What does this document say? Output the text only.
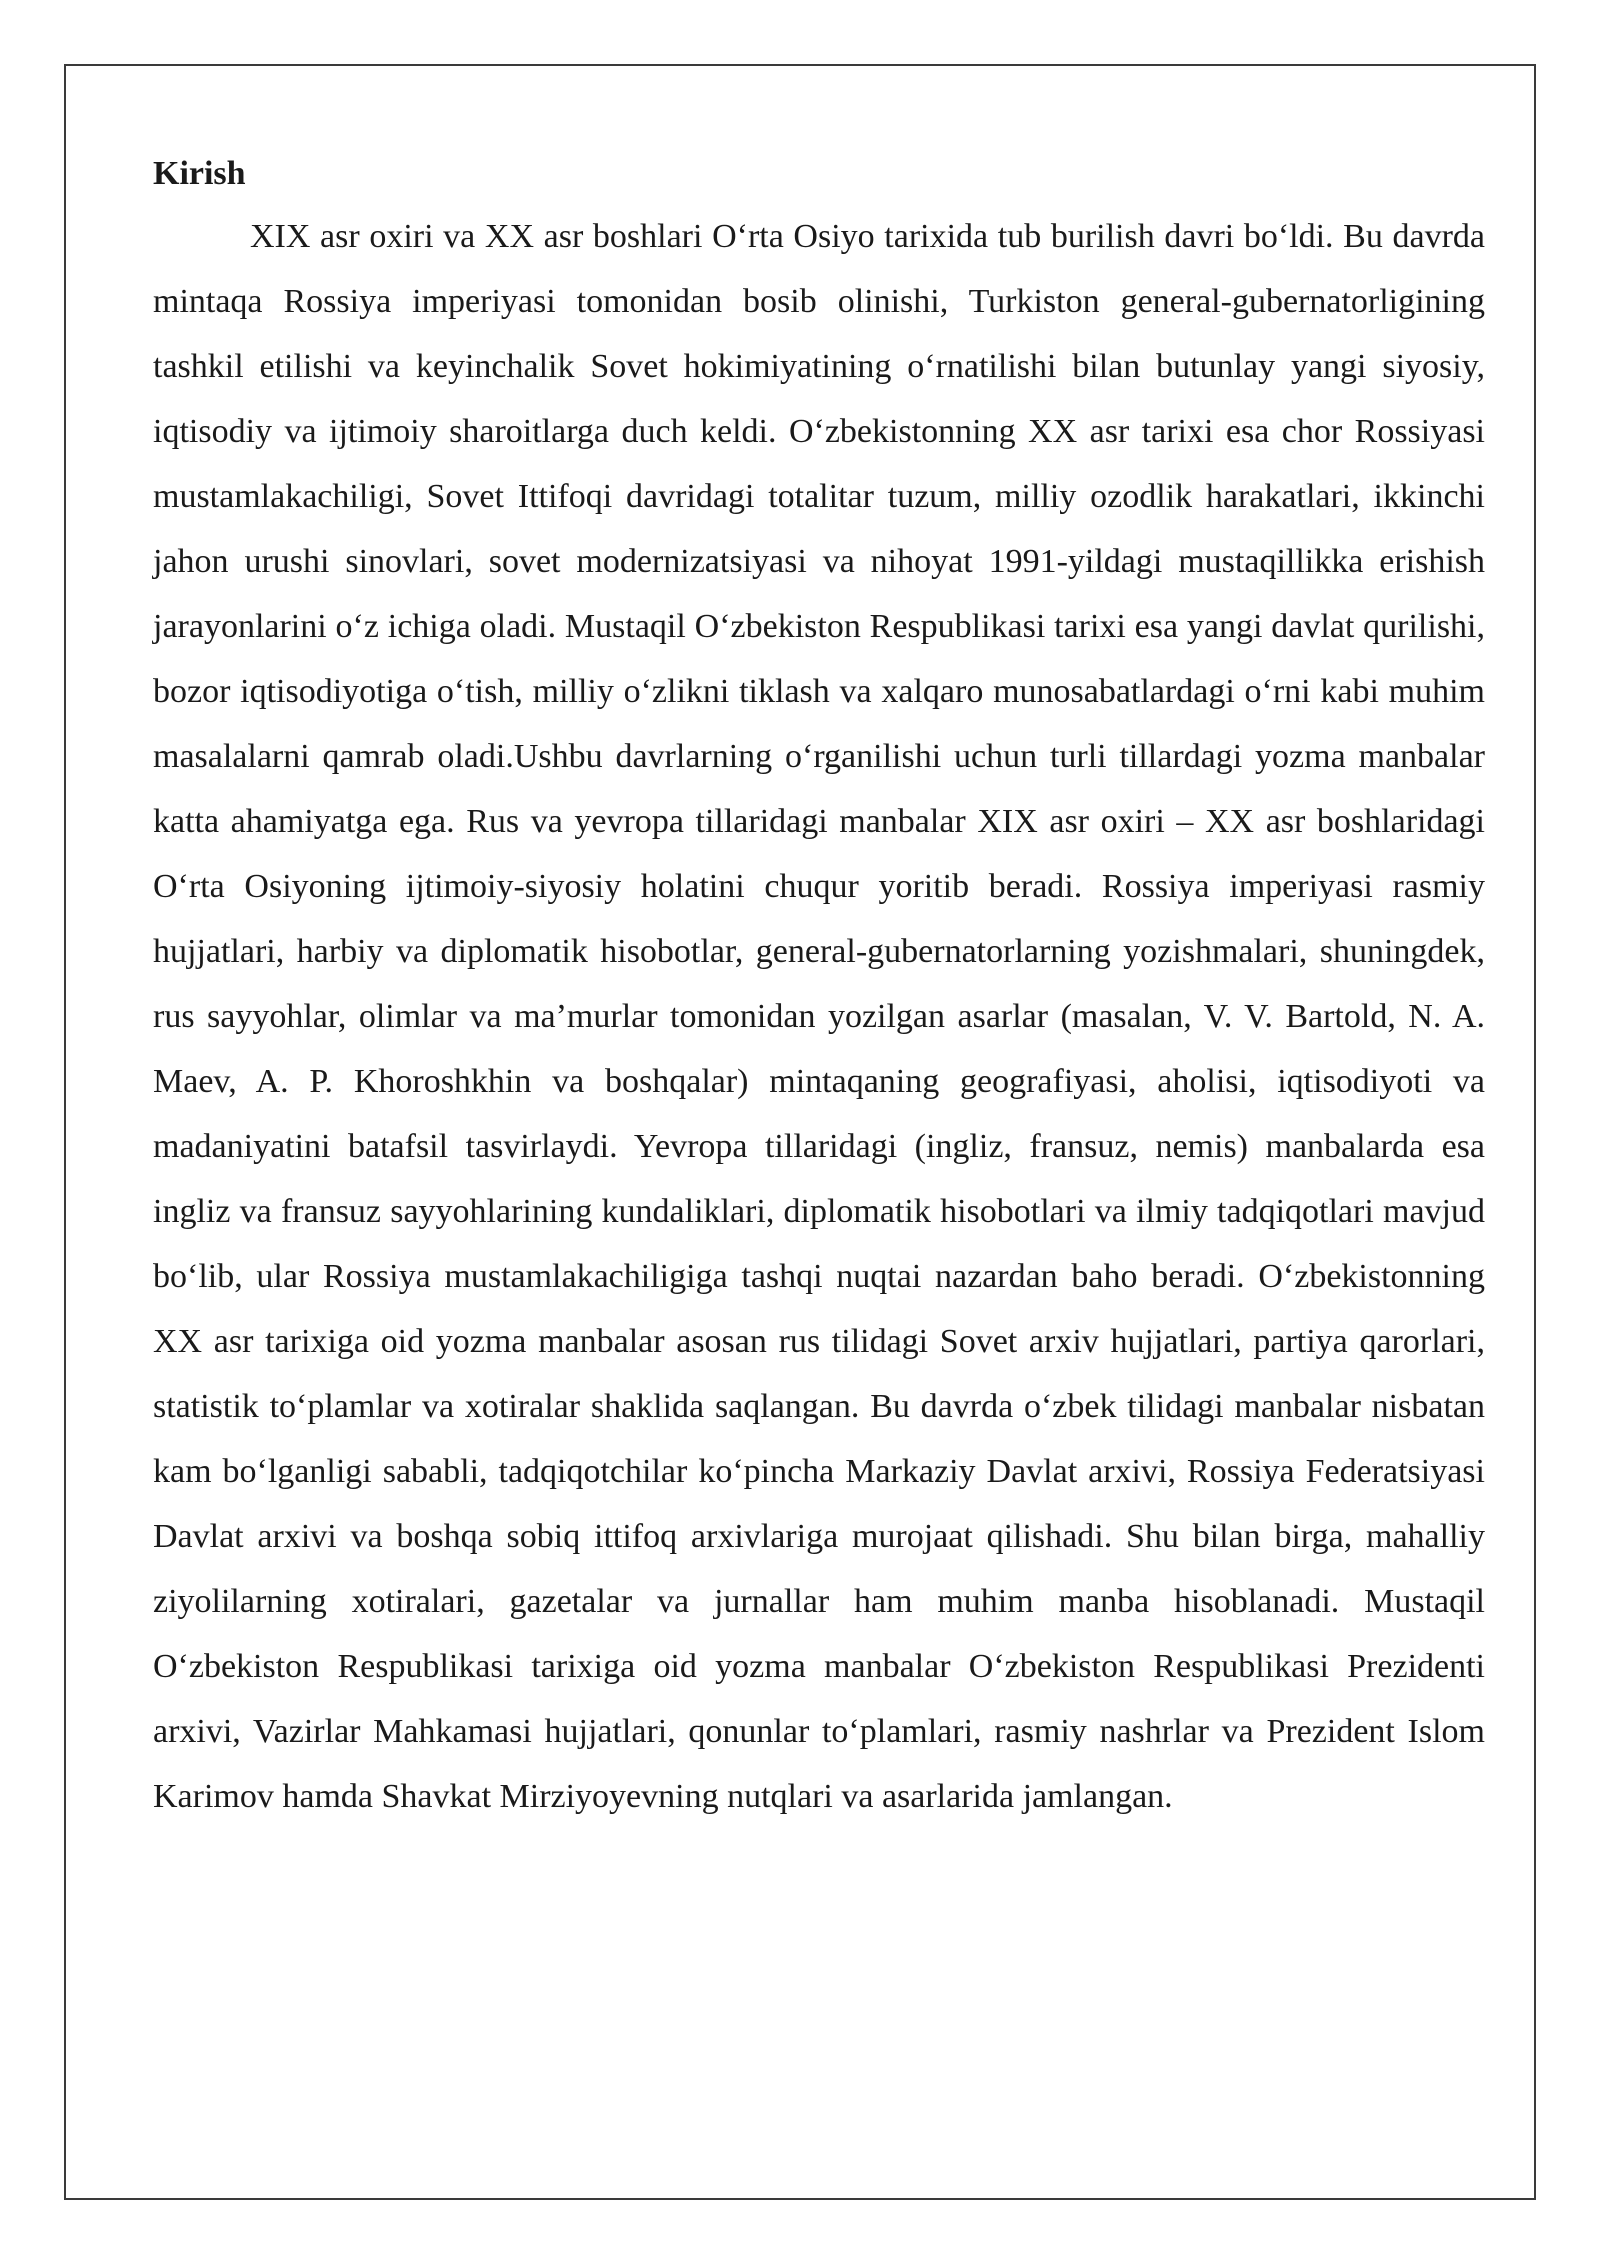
Kirish

XIX asr oxiri va XX asr boshlari O‘rta Osiyo tarixida tub burilish davri bo‘ldi. Bu davrda mintaqa Rossiya imperiyasi tomonidan bosib olinishi, Turkiston general-gubernatorligining tashkil etilishi va keyinchalik Sovet hokimiyatining o‘rnatilishi bilan butunlay yangi siyosiy, iqtisodiy va ijtimoiy sharoitlarga duch keldi. O‘zbekistonning XX asr tarixi esa chor Rossiyasi mustamlakachiligi, Sovet Ittifoqi davridagi totalitar tuzum, milliy ozodlik harakatlari, ikkinchi jahon urushi sinovlari, sovet modernizatsiyasi va nihoyat 1991-yildagi mustaqillikka erishish jarayonlarini o‘z ichiga oladi. Mustaqil O‘zbekiston Respublikasi tarixi esa yangi davlat qurilishi, bozor iqtisodiyotiga o‘tish, milliy o‘zlikni tiklash va xalqaro munosabatlardagi o‘rni kabi muhim masalalarni qamrab oladi.Ushbu davrlarning o‘rganilishi uchun turli tillardagi yozma manbalar katta ahamiyatga ega. Rus va yevropa tillaridagi manbalar XIX asr oxiri – XX asr boshlaridagi O‘rta Osiyoning ijtimoiy-siyosiy holatini chuqur yoritib beradi. Rossiya imperiyasi rasmiy hujjatlari, harbiy va diplomatik hisobotlar, general-gubernatorlarning yozishmalari, shuningdek, rus sayyohlar, olimlar va ma’murlar tomonidan yozilgan asarlar (masalan, V. V. Bartold, N. A. Maev, A. P. Khoroshkhin va boshqalar) mintaqaning geografiyasi, aholisi, iqtisodiyoti va madaniyatini batafsil tasvirlaydi. Yevropa tillaridagi (ingliz, fransuz, nemis) manbalarda esa ingliz va fransuz sayyohlarining kundaliklari, diplomatik hisobotlari va ilmiy tadqiqotlari mavjud bo‘lib, ular Rossiya mustamlakachiligiga tashqi nuqtai nazardan baho beradi. O‘zbekistonning XX asr tarixiga oid yozma manbalar asosan rus tilidagi Sovet arxiv hujjatlari, partiya qarorlari, statistik to‘plamlar va xotiralar shaklida saqlangan. Bu davrda o‘zbek tilidagi manbalar nisbatan kam bo‘lganligi sababli, tadqiqotchilar ko‘pincha Markaziy Davlat arxivi, Rossiya Federatsiyasi Davlat arxivi va boshqa sobiq ittifoq arxivlariga murojaat qilishadi. Shu bilan birga, mahalliy ziyolilarning xotiralari, gazetalar va jurnallar ham muhim manba hisoblanadi. Mustaqil O‘zbekiston Respublikasi tarixiga oid yozma manbalar O‘zbekiston Respublikasi Prezidenti arxivi, Vazirlar Mahkamasi hujjatlari, qonunlar to‘plamlari, rasmiy nashrlar va Prezident Islom Karimov hamda Shavkat Mirziyoyevning nutqlari va asarlarida jamlangan.
